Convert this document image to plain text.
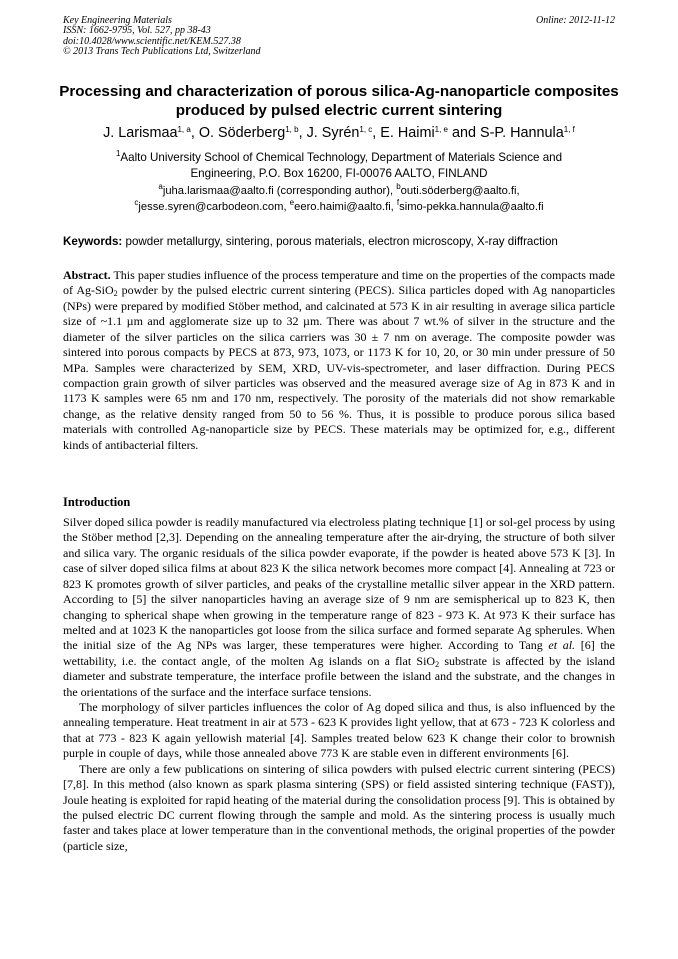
Key Engineering Materials
ISSN: 1662-9795, Vol. 527, pp 38-43
doi:10.4028/www.scientific.net/KEM.527.38
© 2013 Trans Tech Publications Ltd, Switzerland
Online: 2012-11-12
Processing and characterization of porous silica-Ag-nanoparticle composites produced by pulsed electric current sintering
J. Larismaa$^{1, a}$, O. Söderberg$^{1, b}$, J. Syrén$^{1, c}$, E. Haimi$^{1, e}$ and S-P. Hannula$^{1, f}$
$^1$Aalto University School of Chemical Technology, Department of Materials Science and
Engineering, P.O. Box 16200, FI-00076 AALTO, FINLAND
$^a$juha.larismaa@aalto.fi (corresponding author), $^b$outi.söderberg@aalto.fi,
$^c$jesse.syren@carbodeon.com, $^e$eero.haimi@aalto.fi, $^f$simo-pekka.hannula@aalto.fi
Keywords: powder metallurgy, sintering, porous materials, electron microscopy, X-ray diffraction
Abstract. This paper studies influence of the process temperature and time on the properties of the compacts made of Ag-SiO$_2$ powder by the pulsed electric current sintering (PECS). Silica particles doped with Ag nanoparticles (NPs) were prepared by modified Stöber method, and calcinated at 573 K in air resulting in average silica particle size of ~1.1 µm and agglomerate size up to 32 µm. There was about 7 wt.% of silver in the structure and the diameter of the silver particles on the silica carriers was 30 ± 7 nm on average. The composite powder was sintered into porous compacts by PECS at 873, 973, 1073, or 1173 K for 10, 20, or 30 min under pressure of 50 MPa. Samples were characterized by SEM, XRD, UV-vis-spectrometer, and laser diffraction. During PECS compaction grain growth of silver particles was observed and the measured average size of Ag in 873 K and in 1173 K samples were 65 nm and 170 nm, respectively. The porosity of the materials did not show remarkable change, as the relative density ranged from 50 to 56 %. Thus, it is possible to produce porous silica based materials with controlled Ag-nanoparticle size by PECS. These materials may be optimized for, e.g., different kinds of antibacterial filters.
Introduction

Silver doped silica powder is readily manufactured via electroless plating technique [1] or sol-gel process by using the Stöber method [2,3]. Depending on the annealing temperature after the air-drying, the structure of both silver and silica vary. The organic residuals of the silica powder evaporate, if the powder is heated above 573 K [3]. In case of silver doped silica films at about 823 K the silica network becomes more compact [4]. Annealing at 723 or 823 K promotes growth of silver particles, and peaks of the crystalline metallic silver appear in the XRD pattern. According to [5] the silver nanoparticles having an average size of 9 nm are semispherical up to 823 K, then changing to spherical shape when growing in the temperature range of 823 - 973 K. At 973 K their surface has melted and at 1023 K the nanoparticles got loose from the silica surface and formed separate Ag spherules. When the initial size of the Ag NPs was larger, these temperatures were higher. According to Tang et al. [6] the wettability, i.e. the contact angle, of the molten Ag islands on a flat SiO$_2$ substrate is affected by the island diameter and substrate temperature, the interface profile between the island and the substrate, and the changes in the orientations of the surface and the interface surface tensions.

The morphology of silver particles influences the color of Ag doped silica and thus, is also influenced by the annealing temperature. Heat treatment in air at 573 - 623 K provides light yellow, that at 673 - 723 K colorless and that at 773 - 823 K again yellowish material [4]. Samples treated below 623 K change their color to brownish purple in couple of days, while those annealed above 773 K are stable even in different environments [6].

There are only a few publications on sintering of silica powders with pulsed electric current sintering (PECS) [7,8]. In this method (also known as spark plasma sintering (SPS) or field assisted sintering technique (FAST)), Joule heating is exploited for rapid heating of the material during the consolidation process [9]. This is obtained by the pulsed electric DC current flowing through the sample and mold. As the sintering process is usually much faster and takes place at lower temperature than in the conventional methods, the original properties of the powder (particle size,
